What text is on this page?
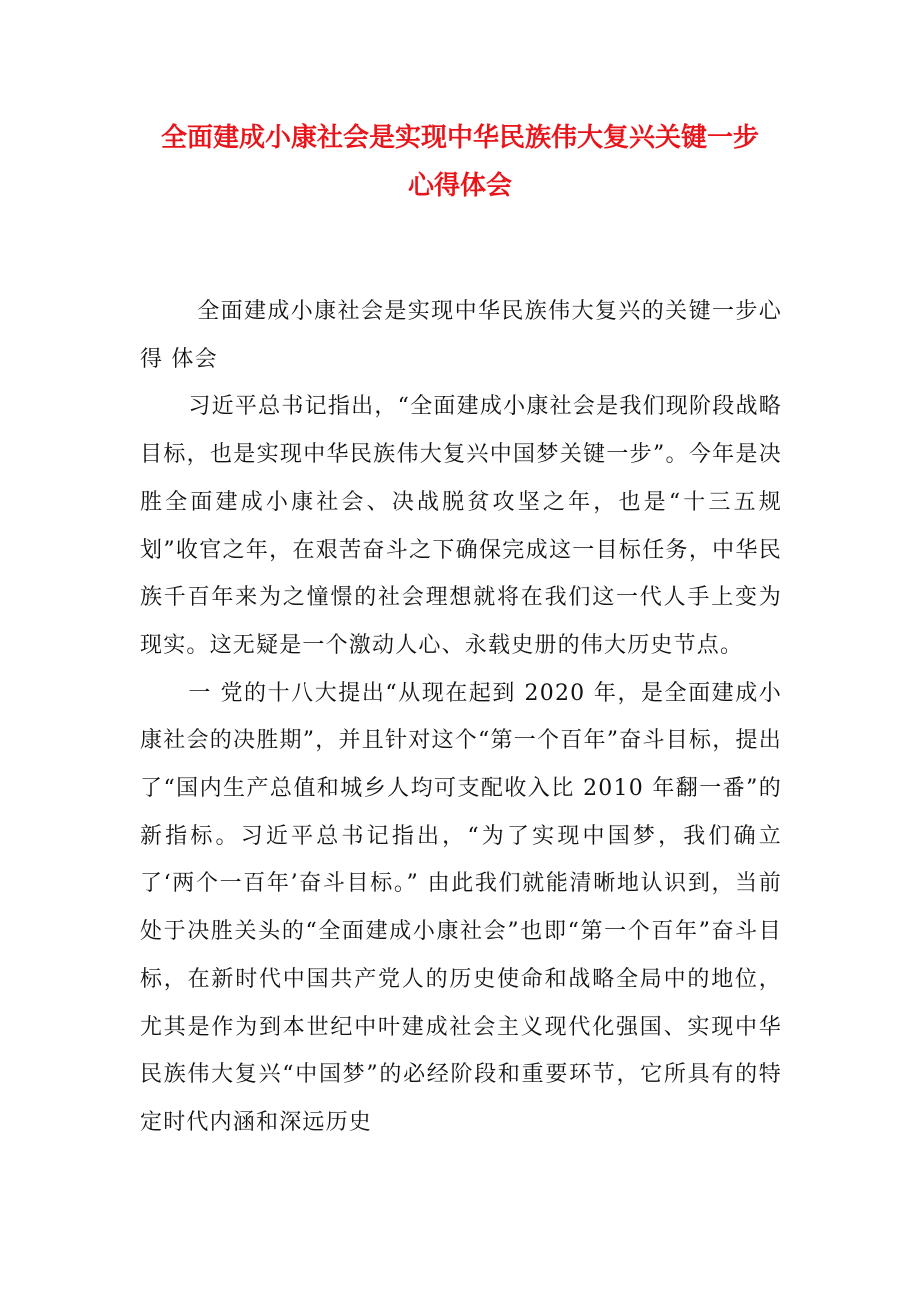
全面建成小康社会是实现中华民族伟大复兴关键一步
心得体会

全面建成小康社会是实现中华民族伟大复兴的关键一步心得 体会

习近平总书记指出，“全面建成小康社会是我们现阶段战略目标，也是实现中华民族伟大复兴中国梦关键一步”。今年是决胜全面建成小康社会、决战脱贫攻坚之年，也是“十三五规划”收官之年，在艰苦奋斗之下确保完成这一目标任务，中华民族千百年来为之憧憬的社会理想就将在我们这一代人手上变为现实。这无疑是一个激动人心、永载史册的伟大历史节点。

一 党的十八大提出“从现在起到 2020 年，是全面建成小康社会的决胜期”，并且针对这个“第一个百年”奋斗目标，提出了“国内生产总值和城乡人均可支配收入比 2010 年翻一番”的新指标。习近平总书记指出，“为了实现中国梦，我们确立了‘两个一百年’奋斗目标。” 由此我们就能清晰地认识到，当前处于决胜关头的“全面建成小康社会”也即“第一个百年”奋斗目标，在新时代中国共产党人的历史使命和战略全局中的地位，尤其是作为到本世纪中叶建成社会主义现代化强国、实现中华民族伟大复兴“中国梦”的必经阶段和重要环节，它所具有的特定时代内涵和深远历史
